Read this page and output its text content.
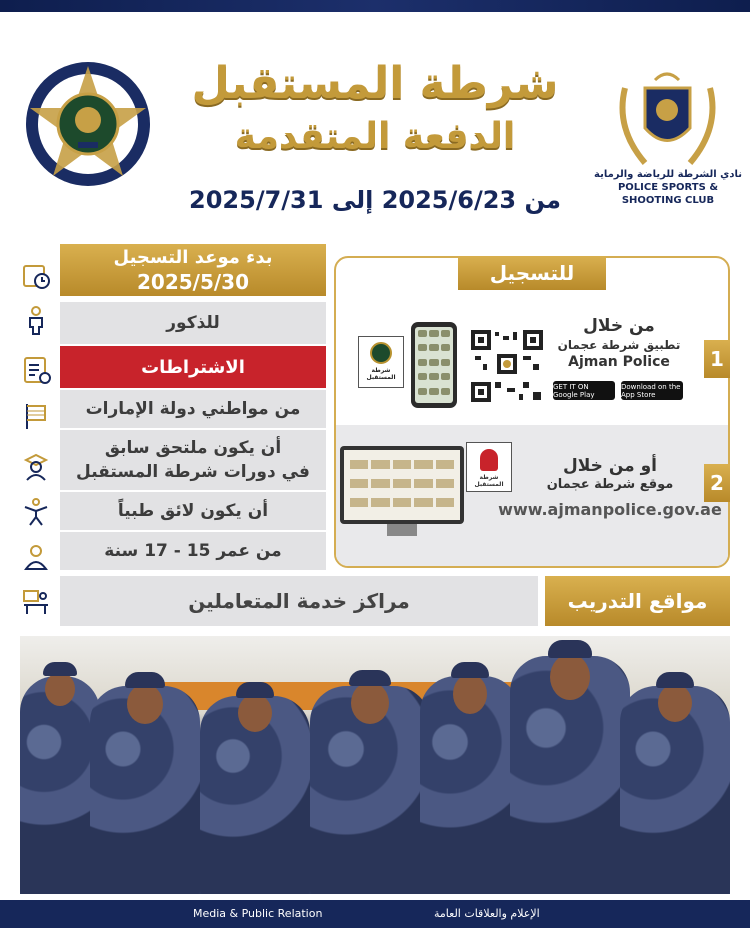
شرطة المستقبل
الدفعة المتقدمة
من 2025/6/23 إلى 2025/7/31
نادي الشرطة للرياضة والرماية
POLICE SPORTS & SHOOTING CLUB
بدء موعد التسجيل
2025/5/30
للذكور
الاشتراطات
من مواطني دولة الإمارات
أن يكون ملتحق سابق
في دورات شرطة المستقبل
أن يكون لائق طبياً
من عمر 15 - 17 سنة
للتسجيل
1
من خلال
تطبيق شرطة عجمان
Ajman Police
GET IT ON Google Play
Download on the App Store
شرطة المستقبل
2
أو من خلال
موقع شرطة عجمان
www.ajmanpolice.gov.ae
شرطة المستقبل
مواقع التدريب
مراكز خدمة المتعاملين
Media & Public Relation	الإعلام والعلاقات العامة
